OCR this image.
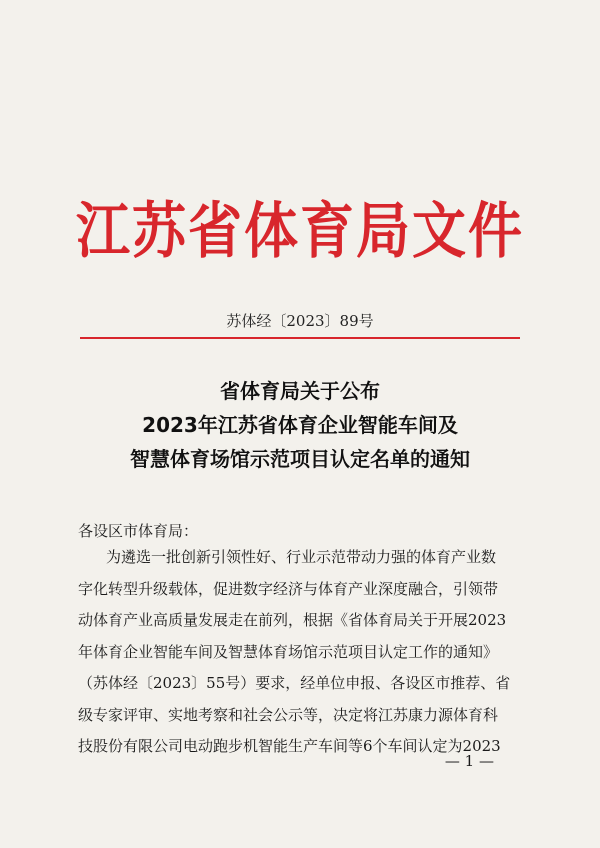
江苏省体育局文件
苏体经〔2023〕89号
省体育局关于公布
2023年江苏省体育企业智能车间及
智慧体育场馆示范项目认定名单的通知
各设区市体育局：
为遴选一批创新引领性好、行业示范带动力强的体育产业数
字化转型升级载体，促进数字经济与体育产业深度融合，引领带
动体育产业高质量发展走在前列，根据《省体育局关于开展2023
年体育企业智能车间及智慧体育场馆示范项目认定工作的通知》
（苏体经〔2023〕55号）要求，经单位申报、各设区市推荐、省
级专家评审、实地考察和社会公示等，决定将江苏康力源体育科
技股份有限公司电动跑步机智能生产车间等6个车间认定为2023
— 1 —
